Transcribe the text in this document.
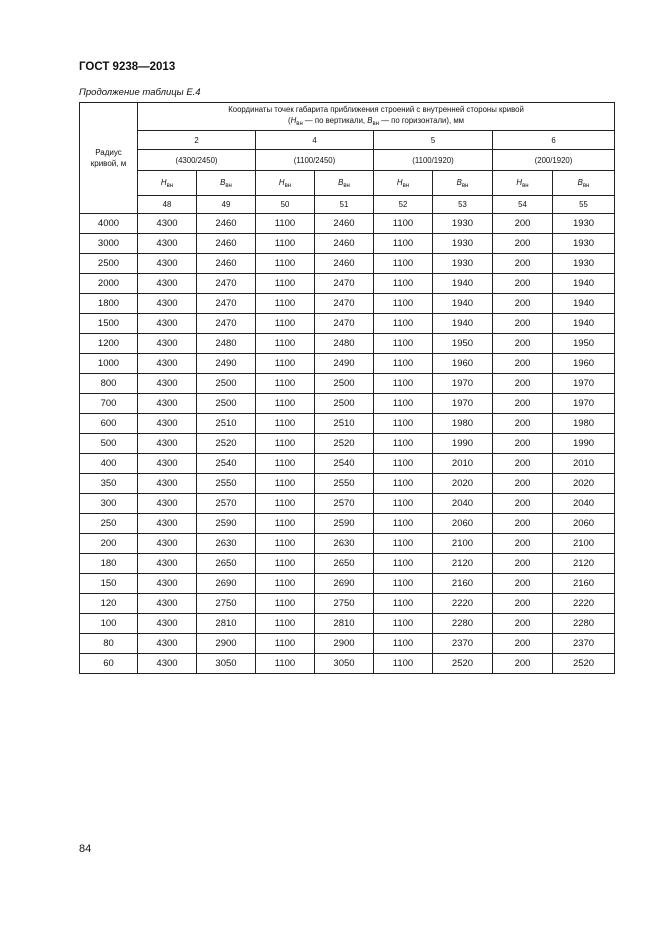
ГОСТ 9238—2013
Продолжение таблицы Е.4
Радиус
кривой, м	Координаты точек габарита приближения строений с внутренней стороны кривой
($H_{вн}$ — по вертикали, $B_{вн}$ — по горизонтали), мм							
	2		4		5		6	
	(4300/2450)		(1100/2450)		(1100/1920)		(200/1920)	
	$H_{вн}$	$B_{вн}$	$H_{вн}$	$B_{вн}$	$H_{вн}$	$B_{вн}$	$H_{вн}$	$B_{вн}$
	48	49	50	51	52	53	54	55
4000	4300	2460	1100	2460	1100	1930	200	1930
3000	4300	2460	1100	2460	1100	1930	200	1930
2500	4300	2460	1100	2460	1100	1930	200	1930
2000	4300	2470	1100	2470	1100	1940	200	1940
1800	4300	2470	1100	2470	1100	1940	200	1940
1500	4300	2470	1100	2470	1100	1940	200	1940
1200	4300	2480	1100	2480	1100	1950	200	1950
1000	4300	2490	1100	2490	1100	1960	200	1960
800	4300	2500	1100	2500	1100	1970	200	1970
700	4300	2500	1100	2500	1100	1970	200	1970
600	4300	2510	1100	2510	1100	1980	200	1980
500	4300	2520	1100	2520	1100	1990	200	1990
400	4300	2540	1100	2540	1100	2010	200	2010
350	4300	2550	1100	2550	1100	2020	200	2020
300	4300	2570	1100	2570	1100	2040	200	2040
250	4300	2590	1100	2590	1100	2060	200	2060
200	4300	2630	1100	2630	1100	2100	200	2100
180	4300	2650	1100	2650	1100	2120	200	2120
150	4300	2690	1100	2690	1100	2160	200	2160
120	4300	2750	1100	2750	1100	2220	200	2220
100	4300	2810	1100	2810	1100	2280	200	2280
80	4300	2900	1100	2900	1100	2370	200	2370
60	4300	3050	1100	3050	1100	2520	200	2520
84
